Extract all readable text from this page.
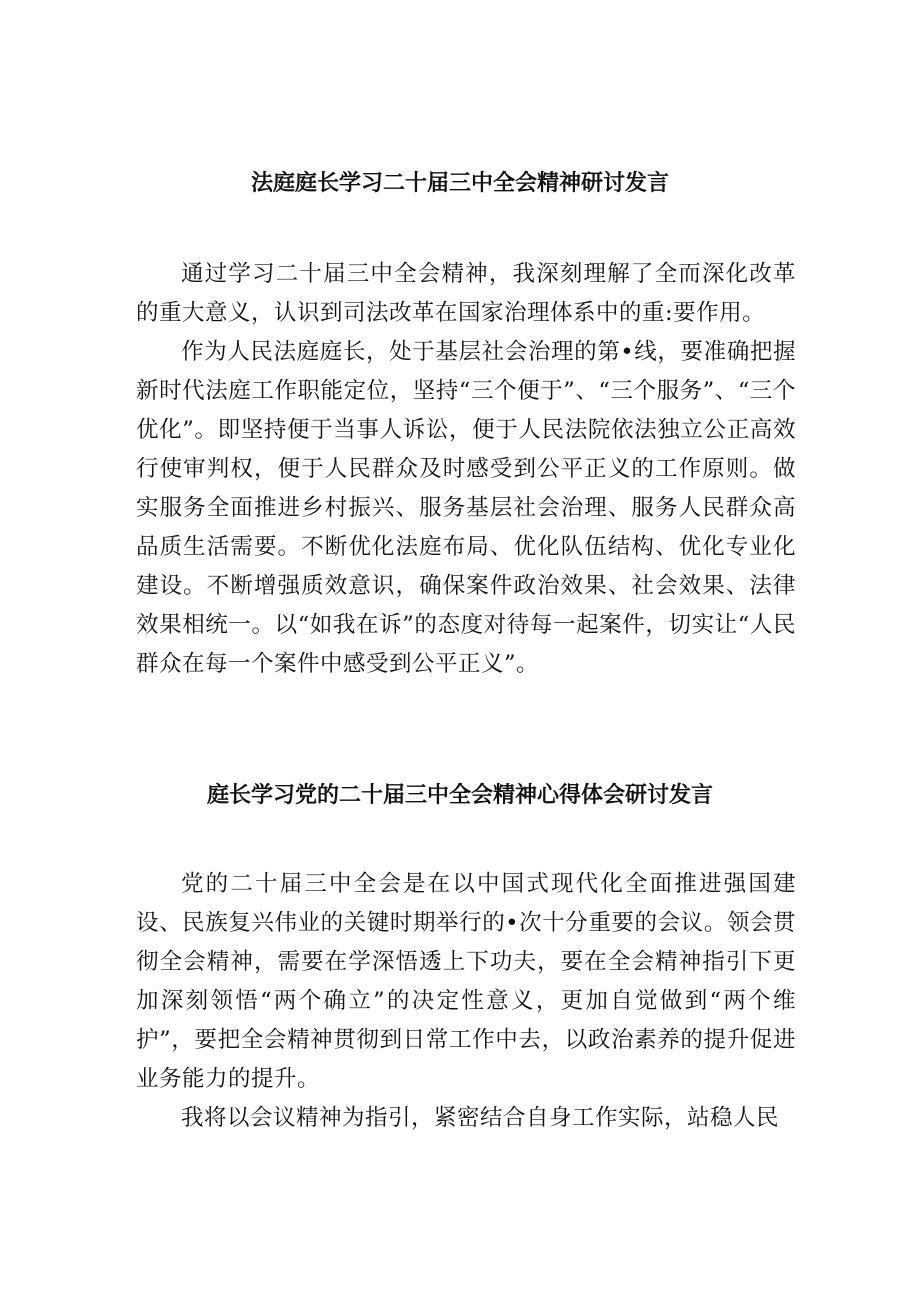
法庭庭长学习二十届三中全会精神研讨发言

通过学习二十届三中全会精神，我深刻理解了全而深化改革的重大意义，认识到司法改革在国家治理体系中的重:要作用。

作为人民法庭庭长，处于基层社会治理的第•线，要准确把握新时代法庭工作职能定位，坚持“三个便于”、“三个服务”、“三个优化”。即坚持便于当事人诉讼，便于人民法院依法独立公正高效行使审判权，便于人民群众及时感受到公平正义的工作原则。做实服务全面推进乡村振兴、服务基层社会治理、服务人民群众高品质生活需要。不断优化法庭布局、优化队伍结构、优化专业化建设。不断增强质效意识，确保案件政治效果、社会效果、法律效果相统一。以“如我在诉”的态度对待每一起案件，切实让“人民群众在每一个案件中感受到公平正义”。

庭长学习党的二十届三中全会精神心得体会研讨发言

党的二十届三中全会是在以中国式现代化全面推进强国建设、民族复兴伟业的关键时期举行的•次十分重要的会议。领会贯彻全会精神，需要在学深悟透上下功夫，要在全会精神指引下更加深刻领悟“两个确立”的决定性意义，更加自觉做到“两个维护”，要把全会精神贯彻到日常工作中去，以政治素养的提升促进业务能力的提升。

我将以会议精神为指引，紧密结合自身工作实际，站稳人民
